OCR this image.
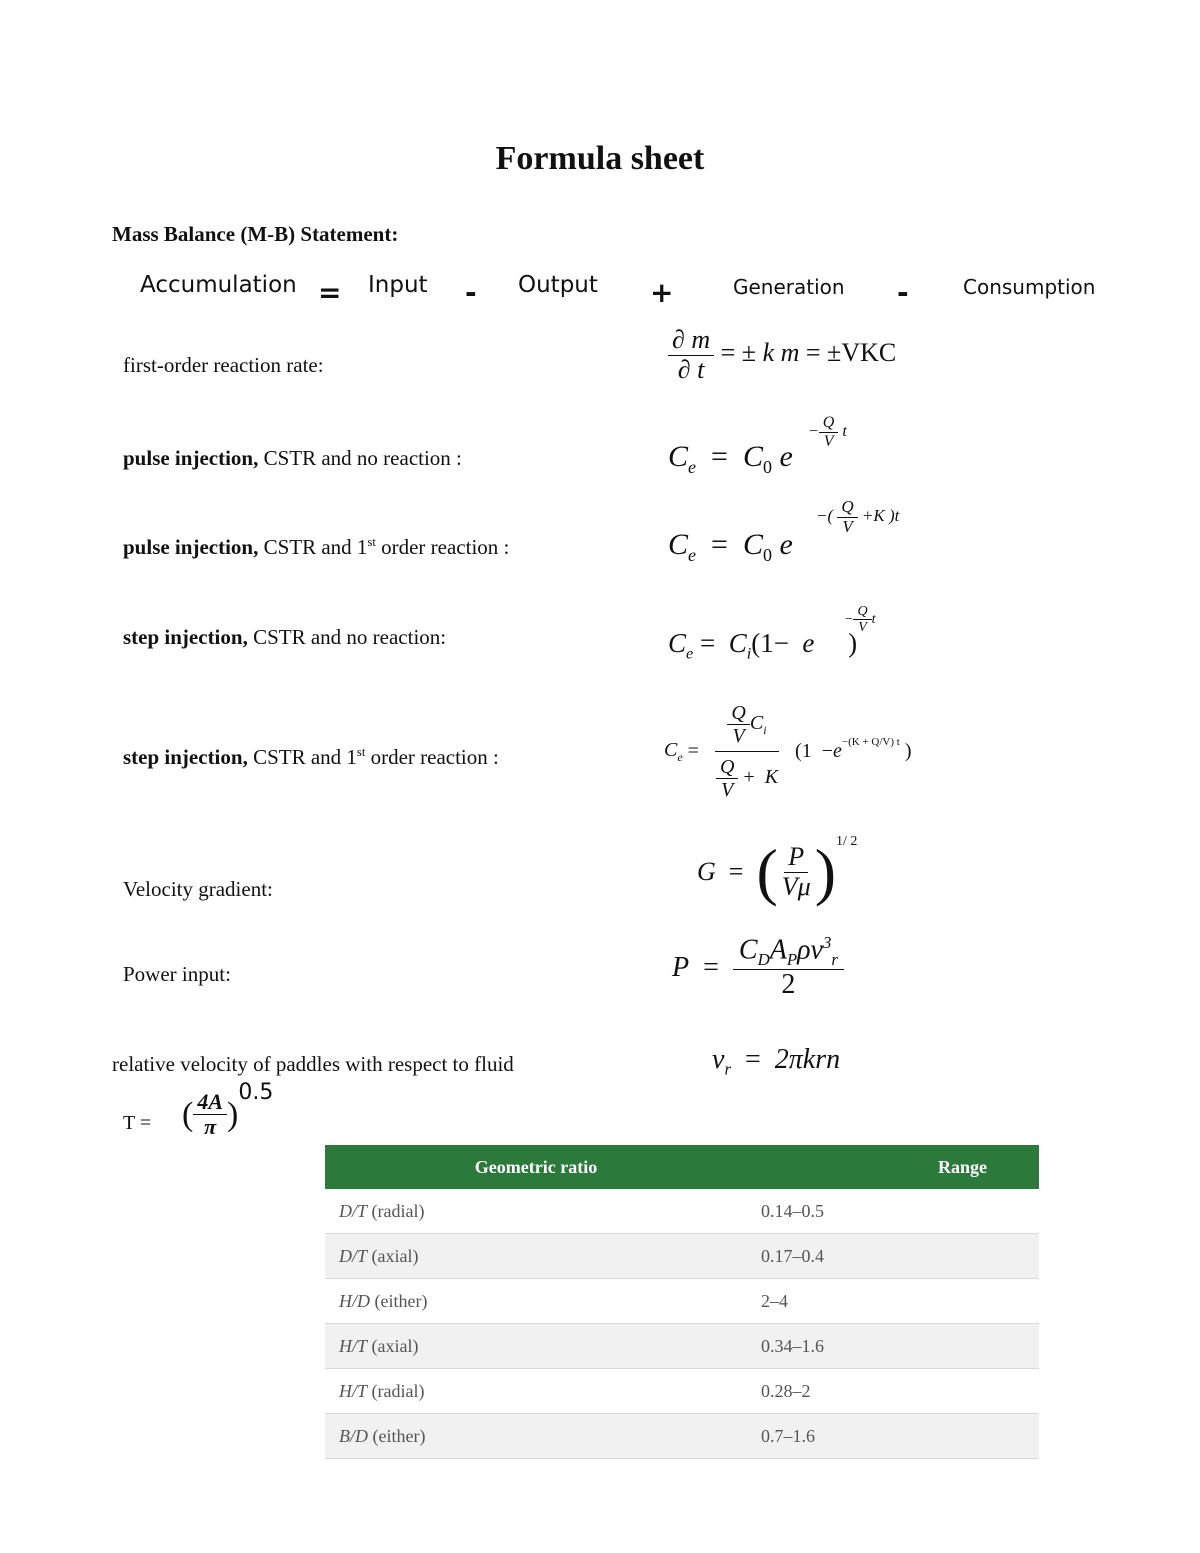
Formula sheet
Mass Balance (M-B) Statement:
Accumulation = Input - Output +	Generation -	Consumption
first-order reaction rate:	$\frac{\partial m}{\partial t}$ = ± k m = ±VKC
pulse injection, CSTR and no reaction :	$C_e = C_0$ e
− $\frac{Q}{V}$ t
pulse injection, CSTR and 1st order reaction :	$C_e = C_0$ e
−( $\frac{Q}{V} +K$ )t
step injection, CSTR and no reaction:	$C_e = C_i(1- e$     )
− $\frac{Q}{V}$ t
step injection, CSTR and 1st order reaction :	$C_e = \frac{\frac{Q}{V} C_i}{\frac{Q}{V} + K} (1 - e^{-(K + Q/V) t}$ )
Velocity gradient:
G = ( $\frac{P}{V\mu}$ ) 1/ 2
Power input:	$P = \frac{C_DA_P\rho v^3_r}{2}$
relative velocity of paddles with respect to fluid	$v_r = 2\pi krn$
T = ( $\frac{4A}{\pi}$ )
0.5
Geometric ratio	Range
D/T (radial)	0.14–0.5
D/T (axial)	0.17–0.4
H/D (either)	2–4
H/T (axial)	0.34–1.6
H/T (radial)	0.28–2
B/D (either)	0.7–1.6
